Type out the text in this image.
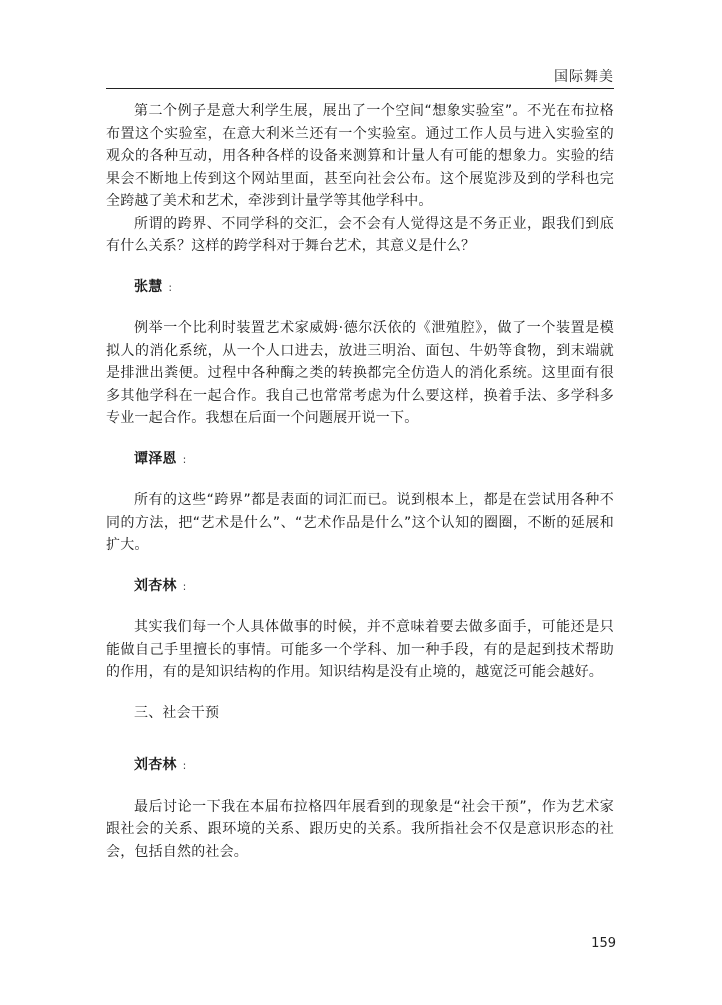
国际舞美

第二个例子是意大利学生展，展出了一个空间“想象实验室”。不光在布拉格布置这个实验室，在意大利米兰还有一个实验室。通过工作人员与进入实验室的观众的各种互动，用各种各样的设备来测算和计量人有可能的想象力。实验的结果会不断地上传到这个网站里面，甚至向社会公布。这个展览涉及到的学科也完全跨越了美术和艺术，牵涉到计量学等其他学科中。

所谓的跨界、不同学科的交汇，会不会有人觉得这是不务正业，跟我们到底有什么关系？这样的跨学科对于舞台艺术，其意义是什么？

张慧 :

例举一个比利时装置艺术家威姆·德尔沃依的《泄殖腔》，做了一个装置是模拟人的消化系统，从一个人口进去，放进三明治、面包、牛奶等食物，到末端就是排泄出粪便。过程中各种酶之类的转换都完全仿造人的消化系统。这里面有很多其他学科在一起合作。我自己也常常考虑为什么要这样，换着手法、多学科多专业一起合作。我想在后面一个问题展开说一下。

谭泽恩 :

所有的这些“跨界”都是表面的词汇而已。说到根本上，都是在尝试用各种不同的方法，把“艺术是什么”、“艺术作品是什么”这个认知的圈圈，不断的延展和扩大。

刘杏林 :

其实我们每一个人具体做事的时候，并不意味着要去做多面手，可能还是只能做自己手里擅长的事情。可能多一个学科、加一种手段，有的是起到技术帮助的作用，有的是知识结构的作用。知识结构是没有止境的，越宽泛可能会越好。

三、社会干预

刘杏林 :

最后讨论一下我在本届布拉格四年展看到的现象是“社会干预”，作为艺术家跟社会的关系、跟环境的关系、跟历史的关系。我所指社会不仅是意识形态的社会，包括自然的社会。

159
